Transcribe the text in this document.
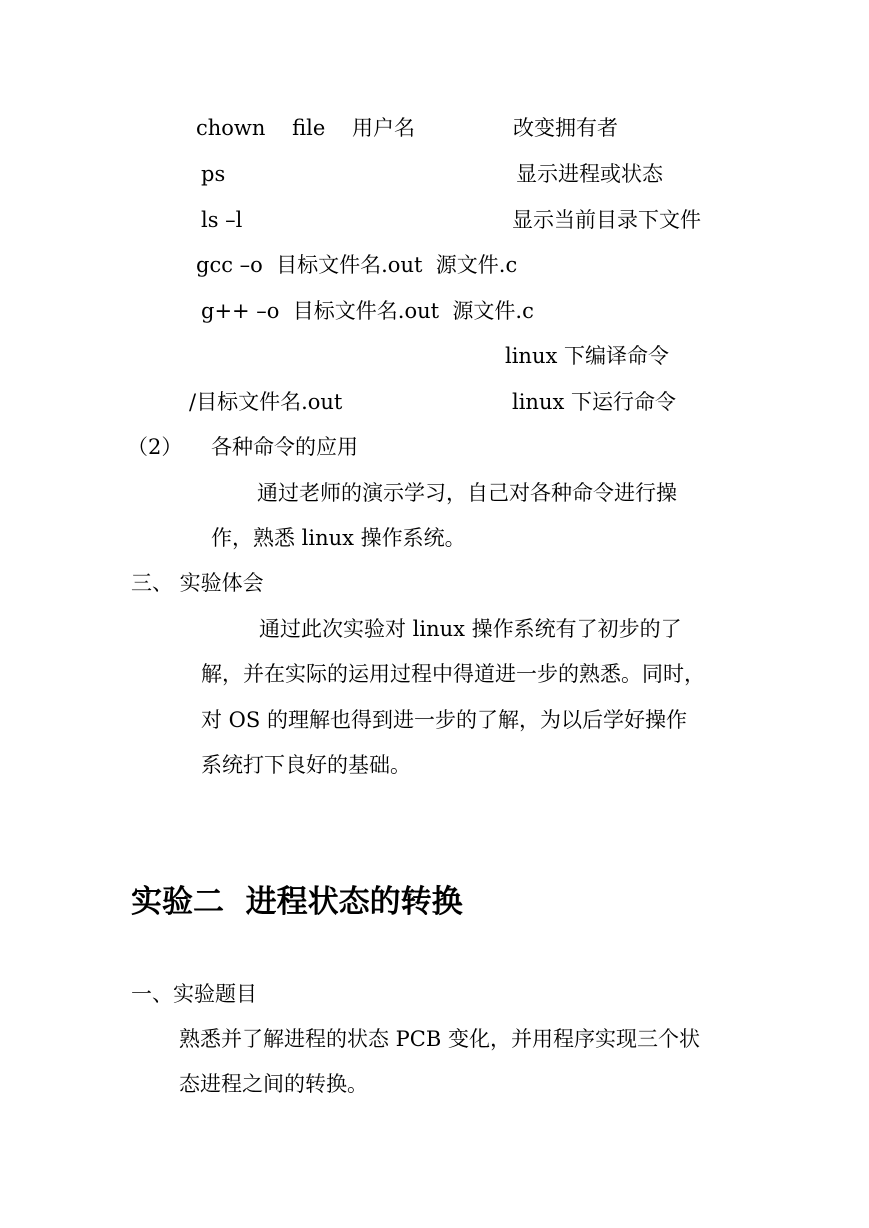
chown    file    用户名	改变拥有者
ps	显示进程或状态
ls –l	显示当前目录下文件
gcc –o  目标文件名.out  源文件.c
g++ –o  目标文件名.out  源文件.c
linux 下编译命令
/目标文件名.out	linux 下运行命令
（2） 各种命令的应用
通过老师的演示学习，自己对各种命令进行操
作，熟悉 linux 操作系统。
三、 实验体会
通过此次实验对 linux 操作系统有了初步的了
解，并在实际的运用过程中得道进一步的熟悉。同时，
对 OS 的理解也得到进一步的了解，为以后学好操作
系统打下良好的基础。
实验二  进程状态的转换
一、实验题目
熟悉并了解进程的状态 PCB 变化，并用程序实现三个状
态进程之间的转换。
